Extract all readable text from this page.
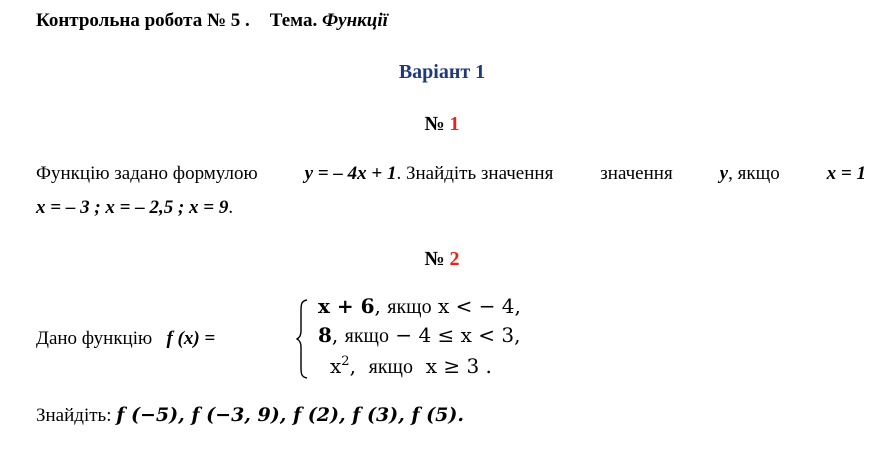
Контрольна робота № 5 . Тема. Функції
Варіант 1
№ 1
Функцію задано формулою y = – 4x + 1. Знайдіть значення значення y, якщо x = 1
x = – 3 ; x = – 2,5 ; x = 9.
№ 2
Дано функцію f (x) =
x + 6, якщо x < − 4,
8, якщо − 4 ≤ x < 3,
$x^2$,  якщо x ≥ 3 .
Знайдіть: f (−5), f (−3, 9), f (2), f (3), f (5).
